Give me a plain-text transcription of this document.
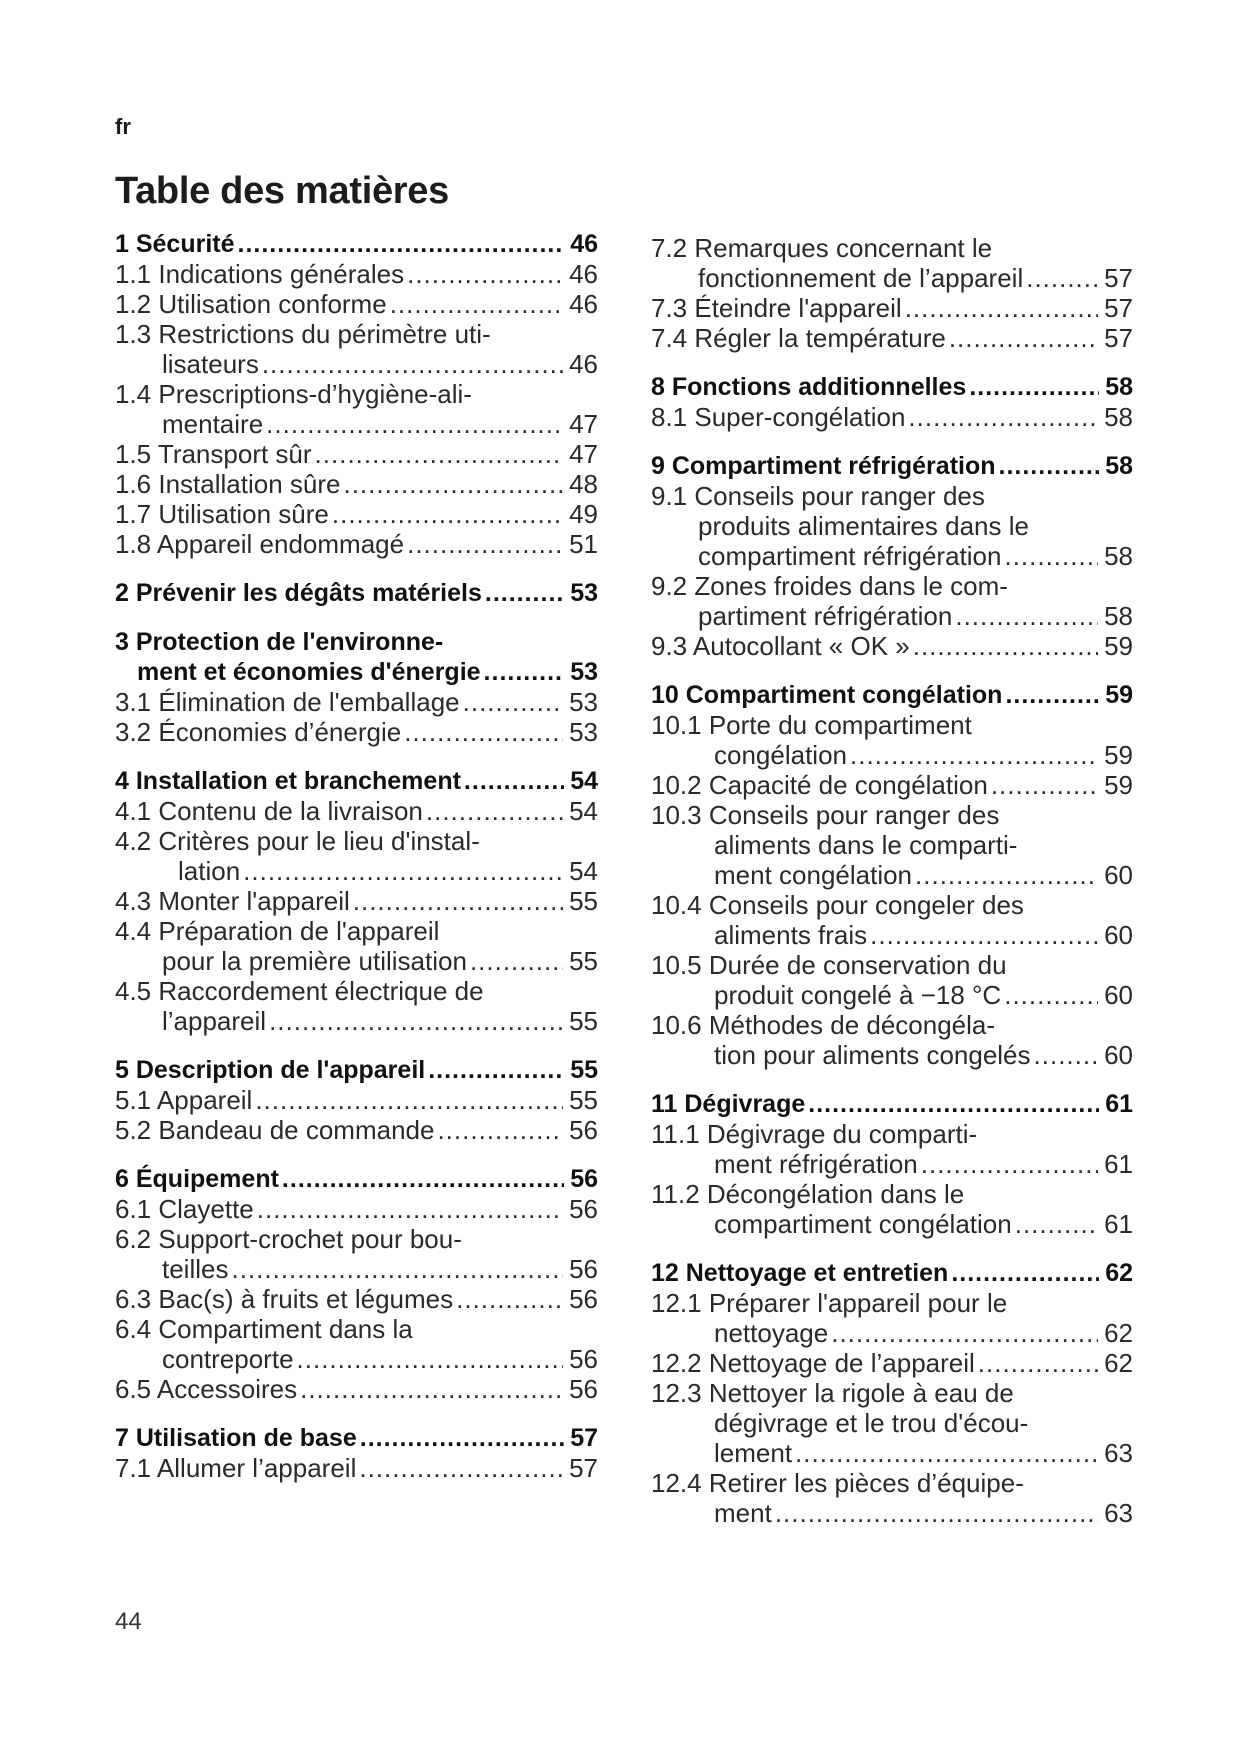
fr
Table des matières
1 Sécurité .....	46
1.1 Indications générales .....	46
1.2 Utilisation conforme .....	46
1.3 Restrictions du périmètre uti-
lisateurs .....	46
1.4 Prescriptions-d’hygiène-ali-
mentaire .....	47
1.5 Transport sûr .....	47
1.6 Installation sûre .....	48
1.7 Utilisation sûre .....	49
1.8 Appareil endommagé .....	51
2 Prévenir les dégâts matériels .....	53
3 Protection de l'environne-
ment et économies d'énergie .....	53
3.1 Élimination de l'emballage .....	53
3.2 Économies d’énergie .....	53
4 Installation et branchement .....	54
4.1 Contenu de la livraison .....	54
4.2 Critères pour le lieu d'instal-
lation .....	54
4.3 Monter l'appareil .....	55
4.4 Préparation de l'appareil
pour la première utilisation .....	55
4.5 Raccordement électrique de
l’appareil .....	55
5 Description de l'appareil .....	55
5.1 Appareil .....	55
5.2 Bandeau de commande .....	56
6 Équipement .....	56
6.1 Clayette .....	56
6.2 Support-crochet pour bou-
teilles .....	56
6.3 Bac(s) à fruits et légumes .....	56
6.4 Compartiment dans la
contreporte .....	56
6.5 Accessoires .....	56
7 Utilisation de base .....	57
7.1 Allumer l’appareil .....	57
7.2 Remarques concernant le
fonctionnement de l’appareil .....	57
7.3 Éteindre l'appareil .....	57
7.4 Régler la température .....	57
8 Fonctions additionnelles .....	58
8.1 Super-congélation .....	58
9 Compartiment réfrigération .....	58
9.1 Conseils pour ranger des
produits alimentaires dans le
compartiment réfrigération .....	58
9.2 Zones froides dans le com-
partiment réfrigération .....	58
9.3 Autocollant « OK » .....	59
10 Compartiment congélation .....	59
10.1 Porte du compartiment
congélation .....	59
10.2 Capacité de congélation .....	59
10.3 Conseils pour ranger des
aliments dans le comparti-
ment congélation .....	60
10.4 Conseils pour congeler des
aliments frais .....	60
10.5 Durée de conservation du
produit congelé à −18 °C .....	60
10.6 Méthodes de décongéla-
tion pour aliments congelés .....	60
11 Dégivrage .....	61
11.1 Dégivrage du comparti-
ment réfrigération .....	61
11.2 Décongélation dans le
compartiment congélation .....	61
12 Nettoyage et entretien .....	62
12.1 Préparer l'appareil pour le
nettoyage .....	62
12.2 Nettoyage de l’appareil .....	62
12.3 Nettoyer la rigole à eau de
dégivrage et le trou d'écou-
lement .....	63
12.4 Retirer les pièces d’équipe-
ment .....	63
44
